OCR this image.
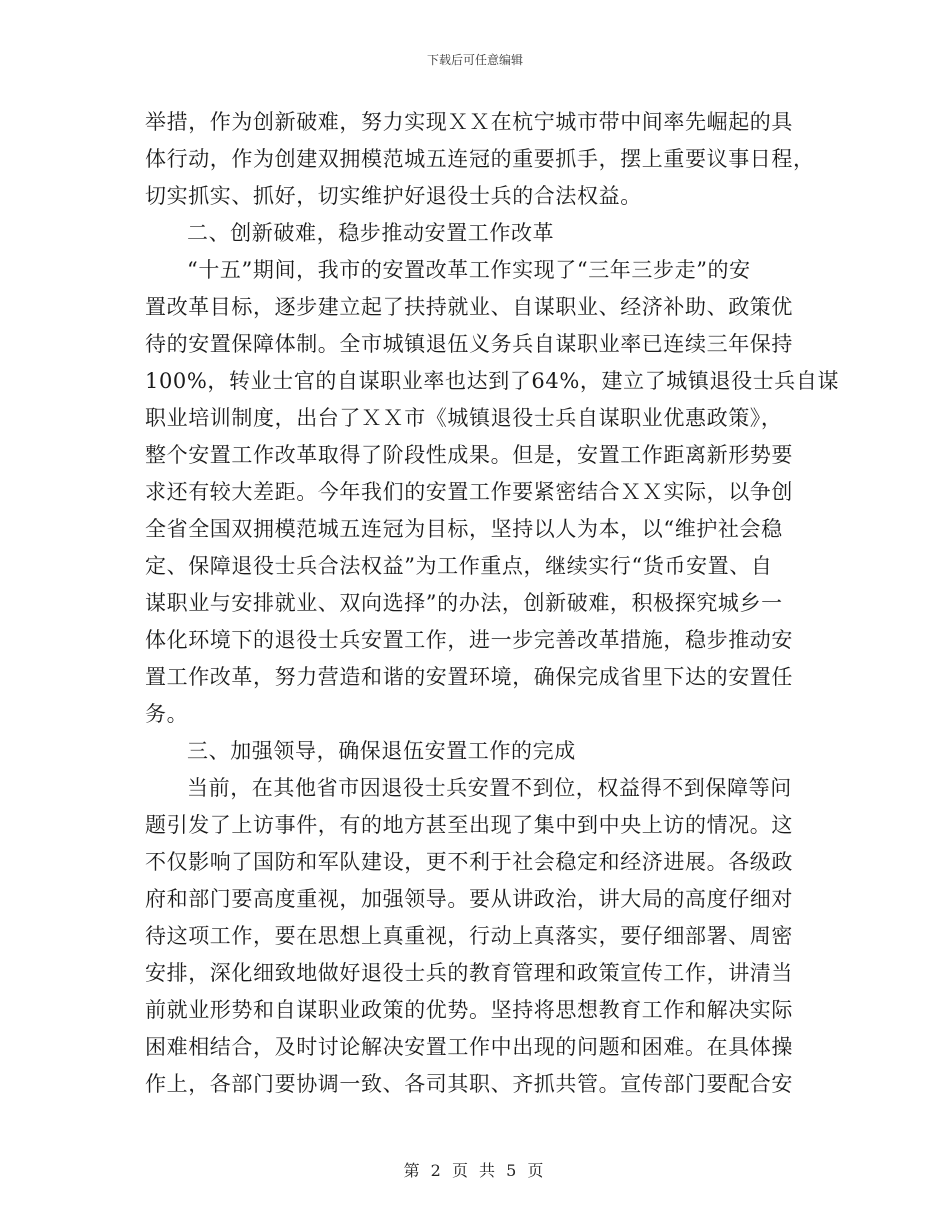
下载后可任意编辑
举措，作为创新破难，努力实现ＸＸ在杭宁城市带中间率先崛起的具
体行动，作为创建双拥模范城五连冠的重要抓手，摆上重要议事日程，
切实抓实、抓好，切实维护好退役士兵的合法权益。
二、创新破难，稳步推动安置工作改革
“十五”期间，我市的安置改革工作实现了“三年三步走”的安
置改革目标，逐步建立起了扶持就业、自谋职业、经济补助、政策优
待的安置保障体制。全市城镇退伍义务兵自谋职业率已连续三年保持
100%，转业士官的自谋职业率也达到了64%，建立了城镇退役士兵自谋
职业培训制度，出台了ＸＸ市《城镇退役士兵自谋职业优惠政策》，
整个安置工作改革取得了阶段性成果。但是，安置工作距离新形势要
求还有较大差距。今年我们的安置工作要紧密结合ＸＸ实际，以争创
全省全国双拥模范城五连冠为目标，坚持以人为本，以“维护社会稳
定、保障退役士兵合法权益”为工作重点，继续实行“货币安置、自
谋职业与安排就业、双向选择”的办法，创新破难，积极探究城乡一
体化环境下的退役士兵安置工作，进一步完善改革措施，稳步推动安
置工作改革，努力营造和谐的安置环境，确保完成省里下达的安置任
务。
三、加强领导，确保退伍安置工作的完成
当前，在其他省市因退役士兵安置不到位，权益得不到保障等问
题引发了上访事件，有的地方甚至出现了集中到中央上访的情况。这
不仅影响了国防和军队建设，更不利于社会稳定和经济进展。各级政
府和部门要高度重视，加强领导。要从讲政治，讲大局的高度仔细对
待这项工作，要在思想上真重视，行动上真落实，要仔细部署、周密
安排，深化细致地做好退役士兵的教育管理和政策宣传工作，讲清当
前就业形势和自谋职业政策的优势。坚持将思想教育工作和解决实际
困难相结合，及时讨论解决安置工作中出现的问题和困难。在具体操
作上，各部门要协调一致、各司其职、齐抓共管。宣传部门要配合安
第 2 页 共 5 页
